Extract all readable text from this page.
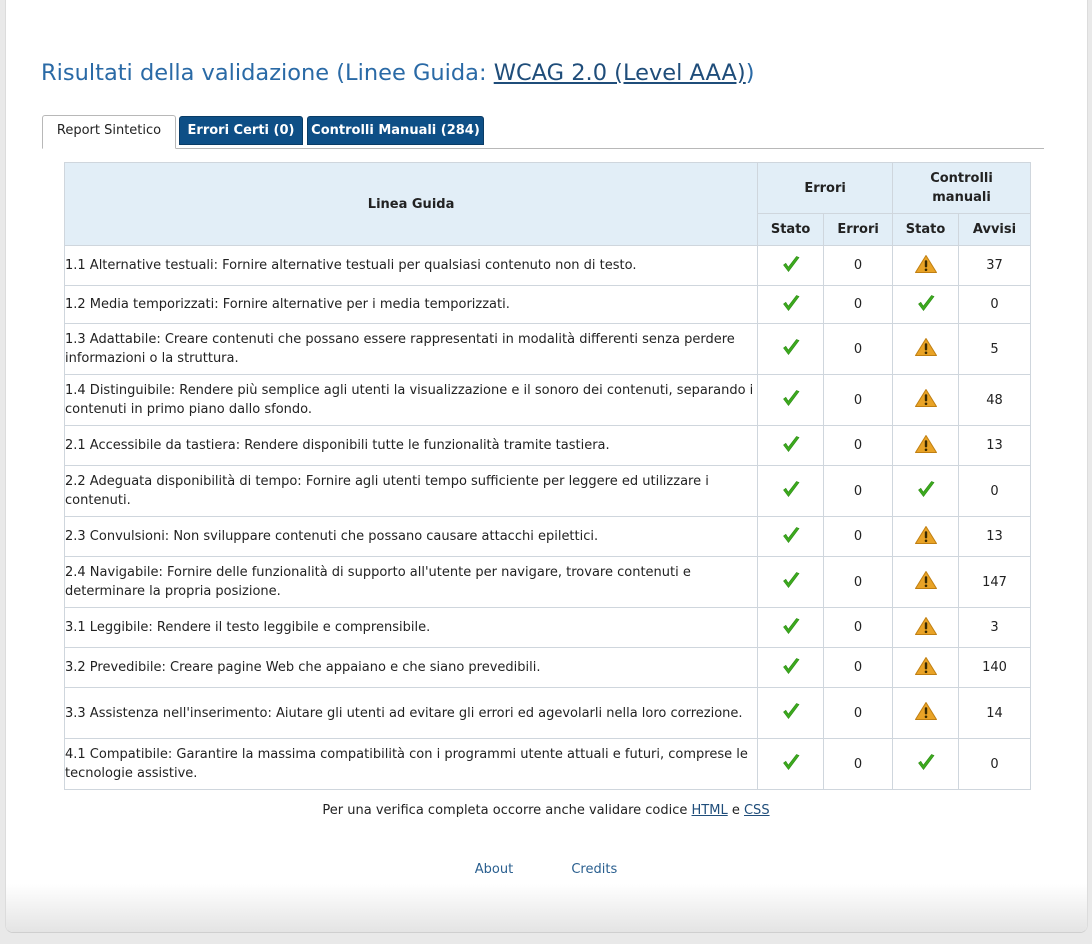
Risultati della validazione (Linee Guida: WCAG 2.0 (Level AAA))
Report Sintetico	Errori Certi (0)	Controlli Manuali (284)
Linea Guida	Errori		Controlli
manuali	
	Stato	Errori	Stato	Avvisi
1.1 Alternative testuali: Fornire alternative testuali per qualsiasi contenuto non di testo.		0		37
1.2 Media temporizzati: Fornire alternative per i media temporizzati.		0		0
1.3 Adattabile: Creare contenuti che possano essere rappresentati in modalità differenti senza perdere informazioni o la struttura.		0		5
1.4 Distinguibile: Rendere più semplice agli utenti la visualizzazione e il sonoro dei contenuti, separando i contenuti in primo piano dallo sfondo.		0		48
2.1 Accessibile da tastiera: Rendere disponibili tutte le funzionalità tramite tastiera.		0		13
2.2 Adeguata disponibilità di tempo: Fornire agli utenti tempo sufficiente per leggere ed utilizzare i contenuti.		0		0
2.3 Convulsioni: Non sviluppare contenuti che possano causare attacchi epilettici.		0		13
2.4 Navigabile: Fornire delle funzionalità di supporto all'utente per navigare, trovare contenuti e determinare la propria posizione.		0		147
3.1 Leggibile: Rendere il testo leggibile e comprensibile.		0		3
3.2 Prevedibile: Creare pagine Web che appaiano e che siano prevedibili.		0		140
3.3 Assistenza nell'inserimento: Aiutare gli utenti ad evitare gli errori ed agevolarli nella loro correzione.		0		14
4.1 Compatibile: Garantire la massima compatibilità con i programmi utente attuali e futuri, comprese le tecnologie assistive.		0		0
Per una verifica completa occorre anche validare codice HTML e CSS
About	Credits
